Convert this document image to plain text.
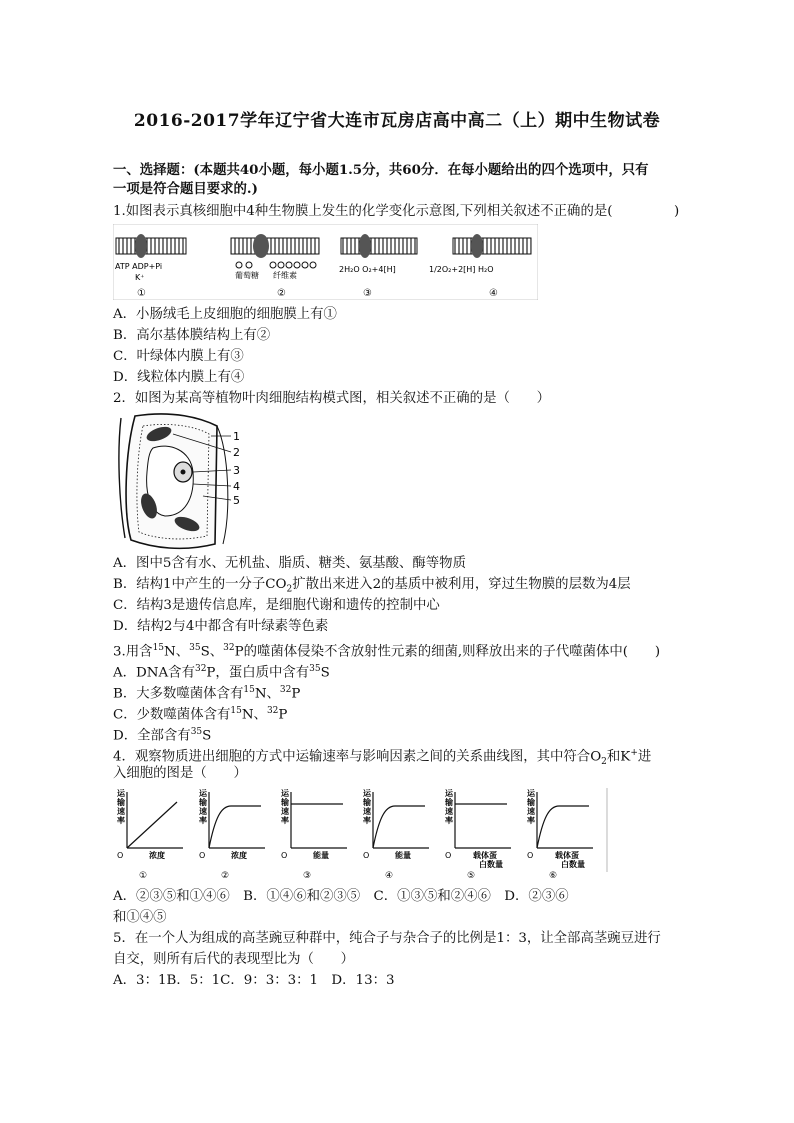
2016-2017学年辽宁省大连市瓦房店高中高二（上）期中生物试卷
一、选择题：(本题共40小题，每小题1.5分，共60分．在每小题给出的四个选项中，只有
一项是符合题目要求的.)
1.如图表示真核细胞中4种生物膜上发生的化学变化示意图,下列相关叙述不正确的是(	)
ATP ADP+Pi
K⁺
①
葡萄糖 纤维素
②
2H₂O O₂+4[H]
③
1/2O₂+2[H] H₂O
④
A．小肠绒毛上皮细胞的细胞膜上有①
B．高尔基体膜结构上有②
C．叶绿体内膜上有③
D．线粒体内膜上有④
2．如图为某高等植物叶肉细胞结构模式图，相关叙述不正确的是（　　）
1
2
3
4
5
A．图中5含有水、无机盐、脂质、糖类、氨基酸、酶等物质
B．结构1中产生的一分子$CO_2$扩散出来进入2的基质中被利用，穿过生物膜的层数为4层
C．结构3是遗传信息库，是细胞代谢和遗传的控制中心
D．结构2与4中都含有叶绿素等色素
3.用含$^{15}$N、$^{35}$S、$^{32}$P的噬菌体侵染不含放射性元素的细菌,则释放出来的子代噬菌体中(　　)
A．DNA含有$^{32}$P，蛋白质中含有$^{35}$S
B．大多数噬菌体含有$^{15}$N、$^{32}$P
C．少数噬菌体含有$^{15}$N、$^{32}$P
D．全部含有$^{35}$S
4．观察物质进出细胞的方式中运输速率与影响因素之间的关系曲线图，其中符合$O_2$和K+进
入细胞的图是（　　）
运输速率
O	浓度
①
运输速率
O	浓度
②
运输速率
O	能量
③
运输速率
O	能量
④
运输速率
O	载体蛋白数量
⑤
运输速率
O	载体蛋白数量
⑥
A．②③⑤和①④⑥　B．①④⑥和②③⑤　C．①③⑤和②④⑥　D．②③⑥
和①④⑤
5．在一个人为组成的高茎豌豆种群中，纯合子与杂合子的比例是1：3，让全部高茎豌豆进行
自交，则所有后代的表现型比为（　　）
A．3：1B．5：1C．9：3：3：1　D．13：3
